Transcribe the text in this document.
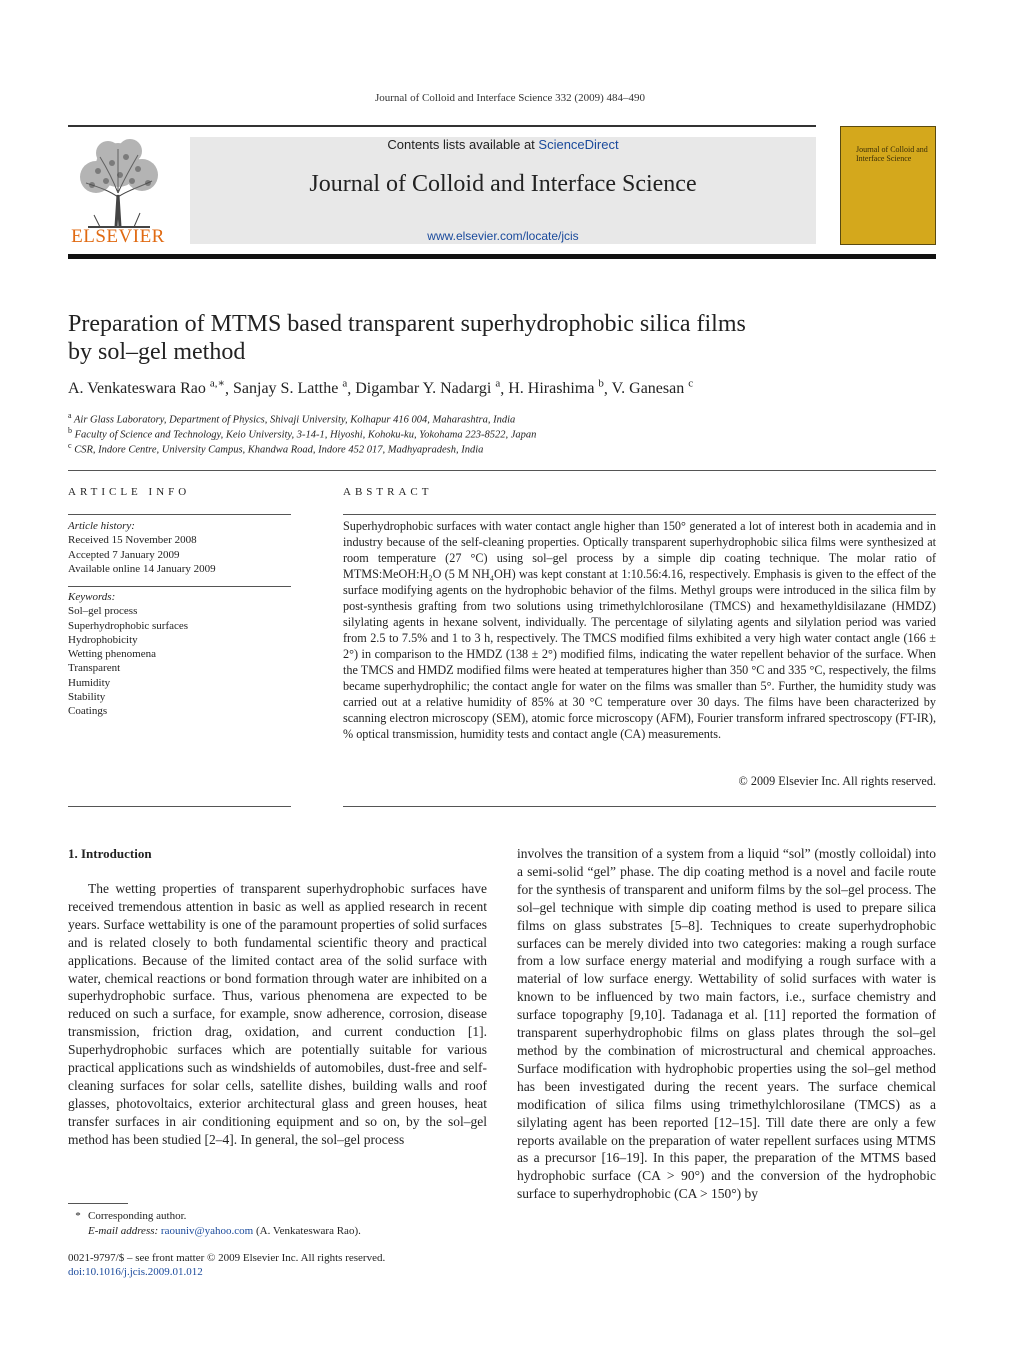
Journal of Colloid and Interface Science 332 (2009) 484–490
ELSEVIER
Contents lists available at ScienceDirect
Journal of Colloid and Interface Science
www.elsevier.com/locate/jcis
Journal of Colloid and Interface Science
Preparation of MTMS based transparent superhydrophobic silica films
by sol–gel method
A. Venkateswara Rao $^{a,∗}$, Sanjay S. Latthe $^a$, Digambar Y. Nadargi $^a$, H. Hirashima $^b$, V. Ganesan $^c$
$^a$ Air Glass Laboratory, Department of Physics, Shivaji University, Kolhapur 416 004, Maharashtra, India
$^b$ Faculty of Science and Technology, Keio University, 3-14-1, Hiyoshi, Kohoku-ku, Yokohama 223-8522, Japan
$^c$ CSR, Indore Centre, University Campus, Khandwa Road, Indore 452 017, Madhyapradesh, India
ARTICLE INFO
Article history:
Received 15 November 2008
Accepted 7 January 2009
Available online 14 January 2009
Keywords:
Sol–gel process
Superhydrophobic surfaces
Hydrophobicity
Wetting phenomena
Transparent
Humidity
Stability
Coatings
ABSTRACT
Superhydrophobic surfaces with water contact angle higher than 150° generated a lot of interest both in academia and in industry because of the self-cleaning properties. Optically transparent superhydrophobic silica films were synthesized at room temperature (27 °C) using sol–gel process by a simple dip coating technique. The molar ratio of MTMS:MeOH:H₂O (5 M NH₄OH) was kept constant at 1:10.56:4.16, respectively. Emphasis is given to the effect of the surface modifying agents on the hydrophobic behavior of the films. Methyl groups were introduced in the silica film by post-synthesis grafting from two solutions using trimethylchlorosilane (TMCS) and hexamethyldisilazane (HMDZ) silylating agents in hexane solvent, individually. The percentage of silylating agents and silylation period was varied from 2.5 to 7.5% and 1 to 3 h, respectively. The TMCS modified films exhibited a very high water contact angle (166 ± 2°) in comparison to the HMDZ (138 ± 2°) modified films, indicating the water repellent behavior of the surface. When the TMCS and HMDZ modified films were heated at temperatures higher than 350 °C and 335 °C, respectively, the films became superhydrophilic; the contact angle for water on the films was smaller than 5°. Further, the humidity study was carried out at a relative humidity of 85% at 30 °C temperature over 30 days. The films have been characterized by scanning electron microscopy (SEM), atomic force microscopy (AFM), Fourier transform infrared spectroscopy (FT-IR), % optical transmission, humidity tests and contact angle (CA) measurements.
© 2009 Elsevier Inc. All rights reserved.
1. Introduction
The wetting properties of transparent superhydrophobic surfaces have received tremendous attention in basic as well as applied research in recent years. Surface wettability is one of the paramount properties of solid surfaces and is related closely to both fundamental scientific theory and practical applications. Because of the limited contact area of the solid surface with water, chemical reactions or bond formation through water are inhibited on a superhydrophobic surface. Thus, various phenomena are expected to be reduced on such a surface, for example, snow adherence, corrosion, disease transmission, friction drag, oxidation, and current conduction [1]. Superhydrophobic surfaces which are potentially suitable for various practical applications such as windshields of automobiles, dust-free and self-cleaning surfaces for solar cells, satellite dishes, building walls and roof glasses, photovoltaics, exterior architectural glass and green houses, heat transfer surfaces in air conditioning equipment and so on, by the sol–gel method has been studied [2–4]. In general, the sol–gel process
involves the transition of a system from a liquid “sol” (mostly colloidal) into a semi-solid “gel” phase. The dip coating method is a novel and facile route for the synthesis of transparent and uniform films by the sol–gel process. The sol–gel technique with simple dip coating method is used to prepare silica films on glass substrates [5–8]. Techniques to create superhydrophobic surfaces can be merely divided into two categories: making a rough surface from a low surface energy material and modifying a rough surface with a material of low surface energy. Wettability of solid surfaces with water is known to be influenced by two main factors, i.e., surface chemistry and surface topography [9,10]. Tadanaga et al. [11] reported the formation of transparent superhydrophobic films on glass plates through the sol–gel method by the combination of microstructural and chemical approaches. Surface modification with hydrophobic properties using the sol–gel method has been investigated during the recent years. The surface chemical modification of silica films using trimethylchlorosilane (TMCS) as a silylating agent has been reported [12–15]. Till date there are only a few reports available on the preparation of water repellent surfaces using MTMS as a precursor [16–19]. In this paper, the preparation of the MTMS based hydrophobic surface (CA > 90°) and the conversion of the hydrophobic surface to superhydrophobic (CA > 150°) by
* Corresponding author.
E-mail address: raouniv@yahoo.com (A. Venkateswara Rao).
0021-9797/$ – see front matter © 2009 Elsevier Inc. All rights reserved.
doi:10.1016/j.jcis.2009.01.012
